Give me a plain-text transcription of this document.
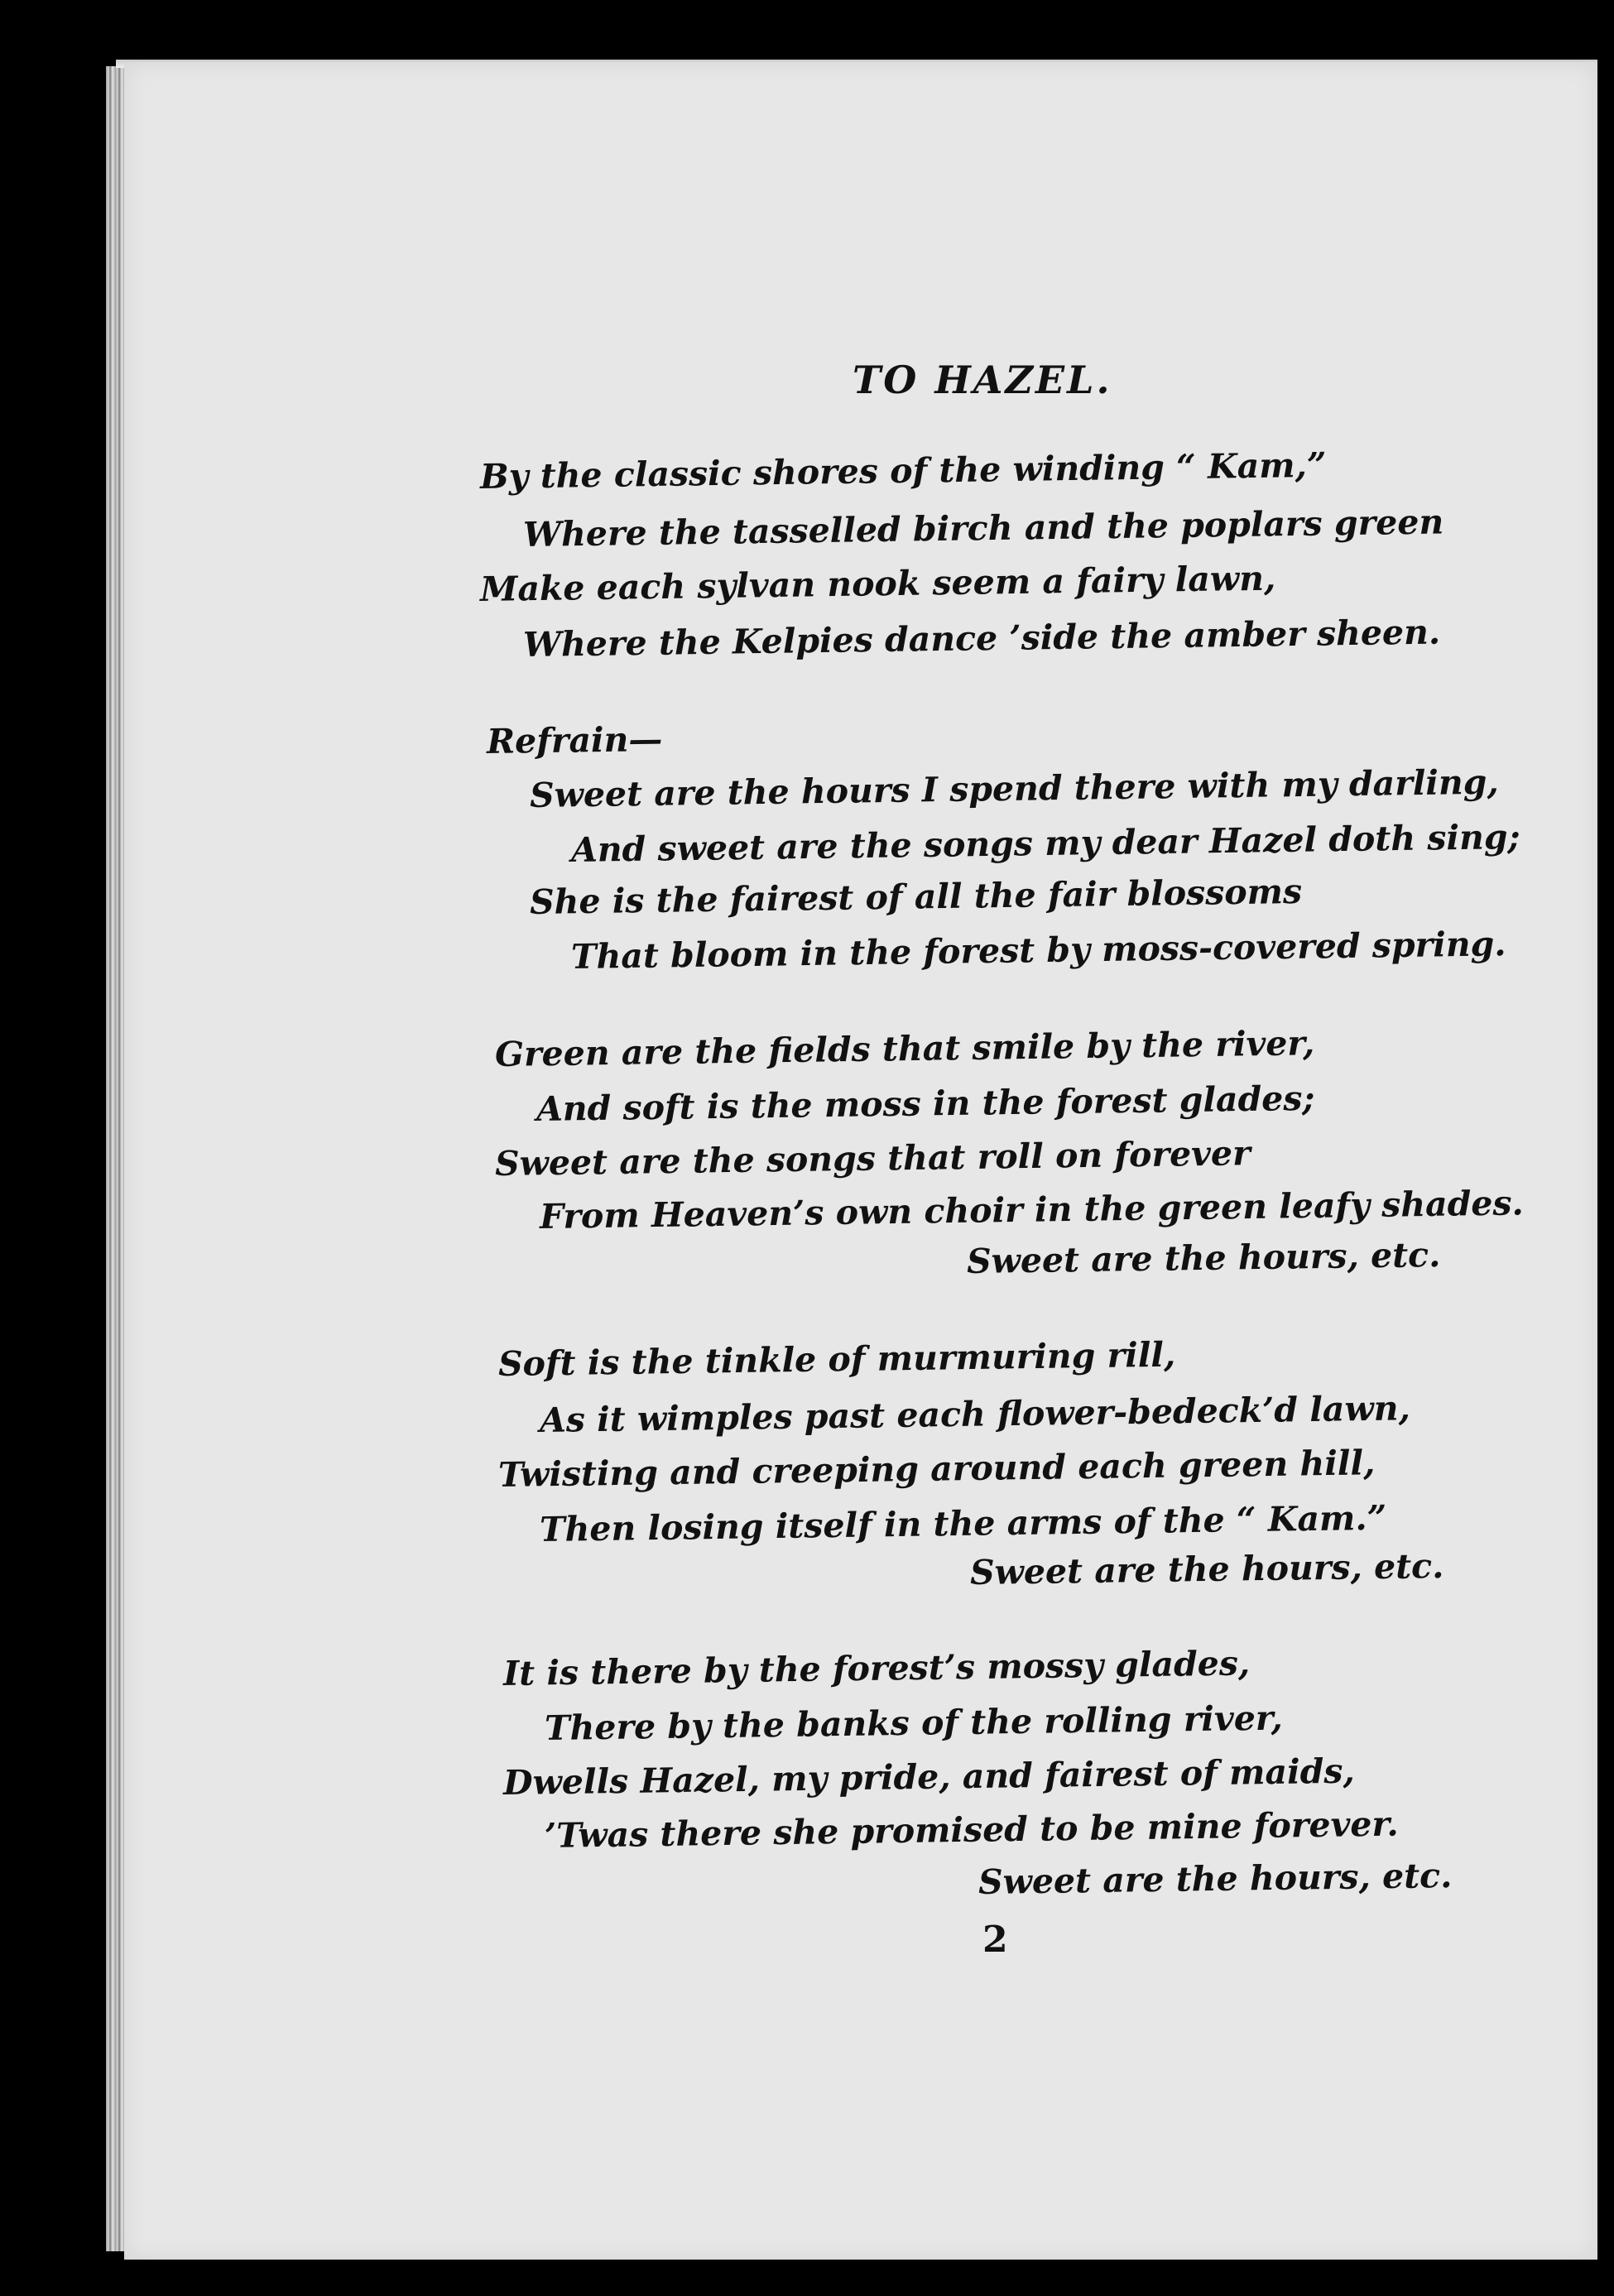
TO HAZEL.
By the classic shores of the winding “ Kam,”
Where the tasselled birch and the poplars green
Make each sylvan nook seem a fairy lawn,
Where the Kelpies dance ’side the amber sheen.
Refrain—
Sweet are the hours I spend there with my darling,
And sweet are the songs my dear Hazel doth sing;
She is the fairest of all the fair blossoms
That bloom in the forest by moss-covered spring.
Green are the fields that smile by the river,
And soft is the moss in the forest glades;
Sweet are the songs that roll on forever
From Heaven’s own choir in the green leafy shades.
Sweet are the hours, etc.
Soft is the tinkle of murmuring rill,
As it wimples past each flower-bedeck’d lawn,
Twisting and creeping around each green hill,
Then losing itself in the arms of the “ Kam.”
Sweet are the hours, etc.
It is there by the forest’s mossy glades,
There by the banks of the rolling river,
Dwells Hazel, my pride, and fairest of maids,
’Twas there she promised to be mine forever.
Sweet are the hours, etc.
2
